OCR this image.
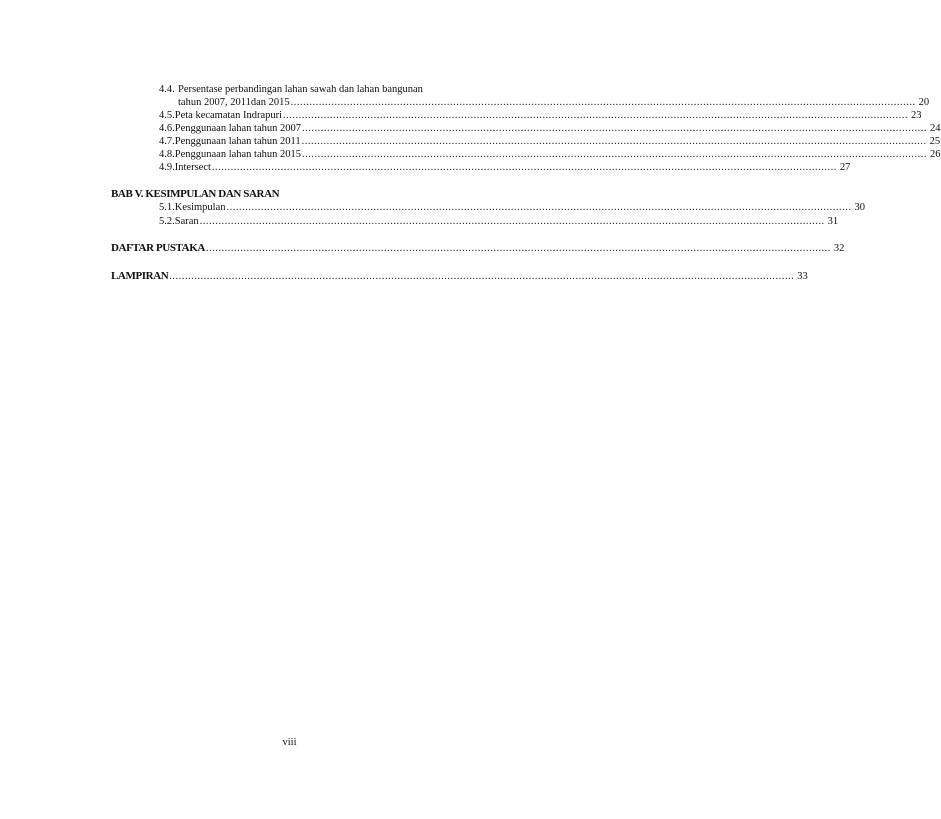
4.4. Persentase perbandingan lahan sawah dan lahan bangunan
tahun 2007, 2011dan 2015 ........................................................................................................................................................................................................ 20
4.5. Peta kecamatan Indrapuri ........................................................................................................................................................................................................ 23
4.6. Penggunaan lahan tahun 2007 ........................................................................................................................................................................................................ 24
4.7. Penggunaan lahan tahun 2011 ........................................................................................................................................................................................................ 25
4.8. Penggunaan lahan tahun 2015 ........................................................................................................................................................................................................ 26
4.9. Intersect ........................................................................................................................................................................................................ 27
BAB V. KESIMPULAN DAN SARAN
5.1. Kesimpulan ........................................................................................................................................................................................................ 30
5.2. Saran ........................................................................................................................................................................................................ 31
DAFTAR PUSTAKA ........................................................................................................................................................................................................ 32
LAMPIRAN ........................................................................................................................................................................................................ 33
viii
